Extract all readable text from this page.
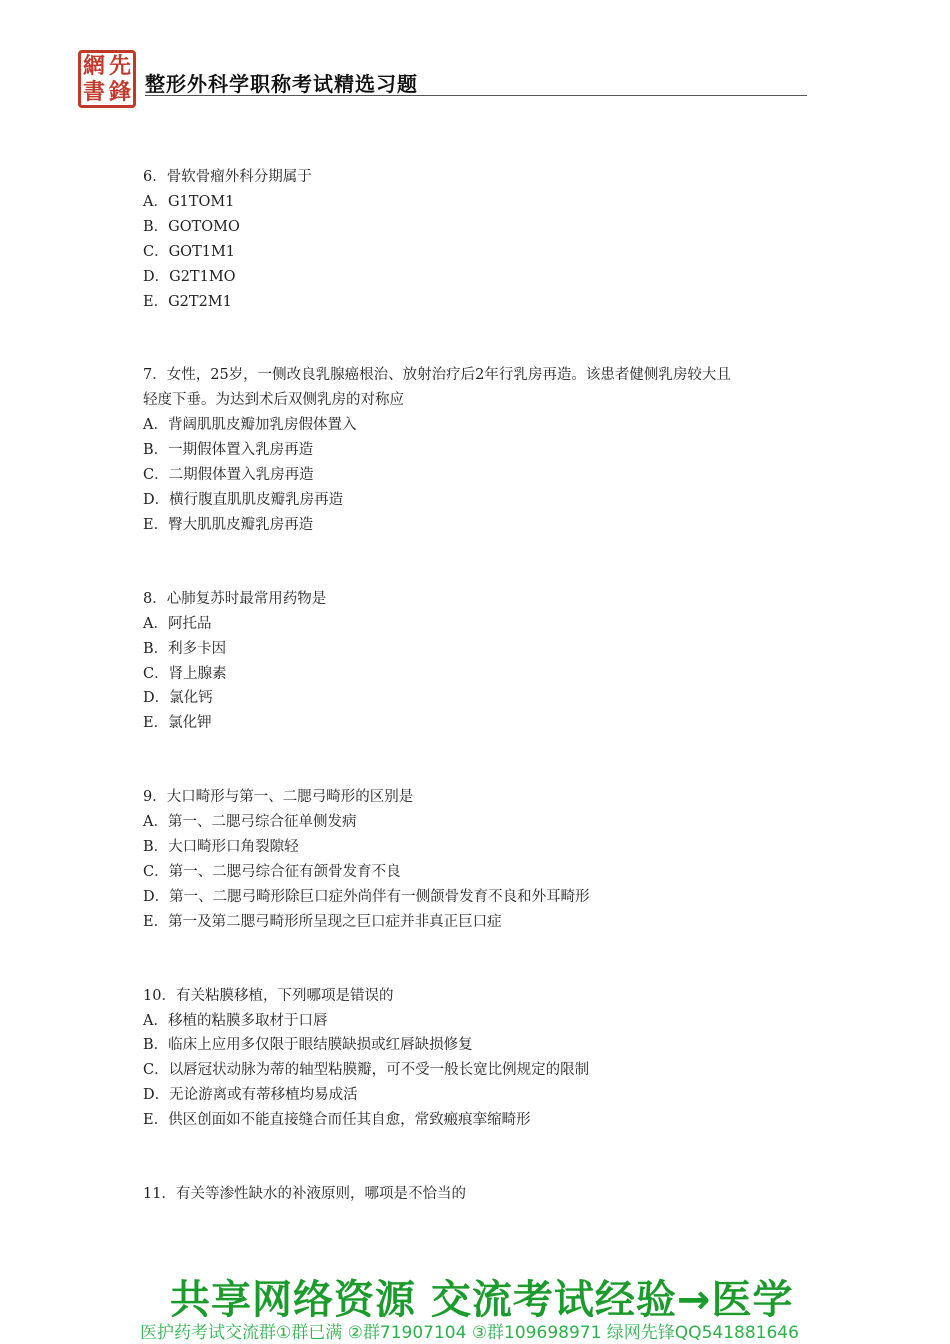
網 先
書 鋒 整形外科学职称考试精选习题
6．骨软骨瘤外科分期属于
A．G1TOM1
B．GOTOMO
C．GOT1M1
D．G2T1MO
E．G2T2M1
7．女性，25岁，一侧改良乳腺癌根治、放射治疗后2年行乳房再造。该患者健侧乳房较大且
轻度下垂。为达到术后双侧乳房的对称应
A．背阔肌肌皮瓣加乳房假体置入
B．一期假体置入乳房再造
C．二期假体置入乳房再造
D．横行腹直肌肌皮瓣乳房再造
E．臀大肌肌皮瓣乳房再造
8．心肺复苏时最常用药物是
A．阿托品
B．利多卡因
C．肾上腺素
D．氯化钙
E．氯化钾
9．大口畸形与第一、二腮弓畸形的区别是
A．第一、二腮弓综合征单侧发病
B．大口畸形口角裂隙轻
C．第一、二腮弓综合征有颌骨发育不良
D．第一、二腮弓畸形除巨口症外尚伴有一侧颌骨发育不良和外耳畸形
E．第一及第二腮弓畸形所呈现之巨口症并非真正巨口症
10．有关粘膜移植，下列哪项是错误的
A．移植的粘膜多取材于口唇
B．临床上应用多仅限于眼结膜缺损或红唇缺损修复
C．以唇冠状动脉为蒂的轴型粘膜瓣，可不受一般长宽比例规定的限制
D．无论游离或有蒂移植均易成活
E．供区创面如不能直接缝合而任其自愈，常致瘢痕挛缩畸形
11．有关等渗性缺水的补液原则，哪项是不恰当的
共享网络资源 交流考试经验→医学
医护药考试交流群①群已满 ②群71907104 ③群109698971 绿网先锋QQ541881646
